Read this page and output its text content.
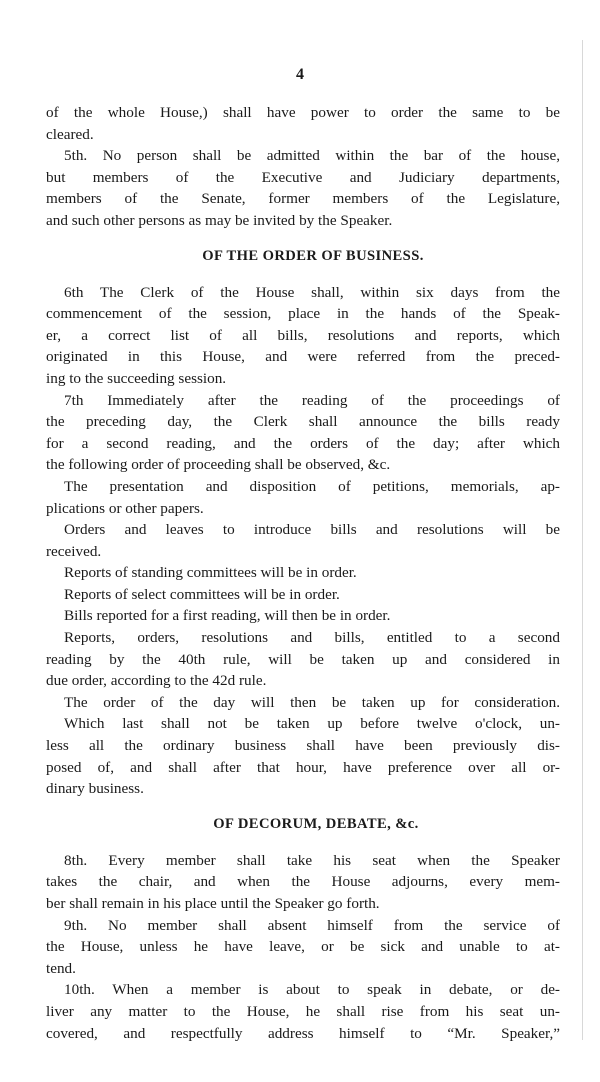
4
of the whole House,) shall have power to order the same to be
cleared.
5th. No person shall be admitted within the bar of the house,
but members of the Executive and Judiciary departments,
members of the Senate, former members of the Legislature,
and such other persons as may be invited by the Speaker.
OF THE ORDER OF BUSINESS.
6th The Clerk of the House shall, within six days from the
commencement of the session, place in the hands of the Speak-
er, a correct list of all bills, resolutions and reports, which
originated in this House, and were referred from the preced-
ing to the succeeding session.
7th Immediately after the reading of the proceedings of
the preceding day, the Clerk shall announce the bills ready
for a second reading, and the orders of the day; after which
the following order of proceeding shall be observed, &c.
The presentation and disposition of petitions, memorials, ap-
plications or other papers.
Orders and leaves to introduce bills and resolutions will be
received.
Reports of standing committees will be in order.
Reports of select committees will be in order.
Bills reported for a first reading, will then be in order.
Reports, orders, resolutions and bills, entitled to a second
reading by the 40th rule, will be taken up and considered in
due order, according to the 42d rule.
The order of the day will then be taken up for consideration.
Which last shall not be taken up before twelve o'clock, un-
less all the ordinary business shall have been previously dis-
posed of, and shall after that hour, have preference over all or-
dinary business.
OF DECORUM, DEBATE, &c.
8th. Every member shall take his seat when the Speaker
takes the chair, and when the House adjourns, every mem-
ber shall remain in his place until the Speaker go forth.
9th. No member shall absent himself from the service of
the House, unless he have leave, or be sick and unable to at-
tend.
10th. When a member is about to speak in debate, or de-
liver any matter to the House, he shall rise from his seat un-
covered, and respectfully address himself to “Mr. Speaker,”
